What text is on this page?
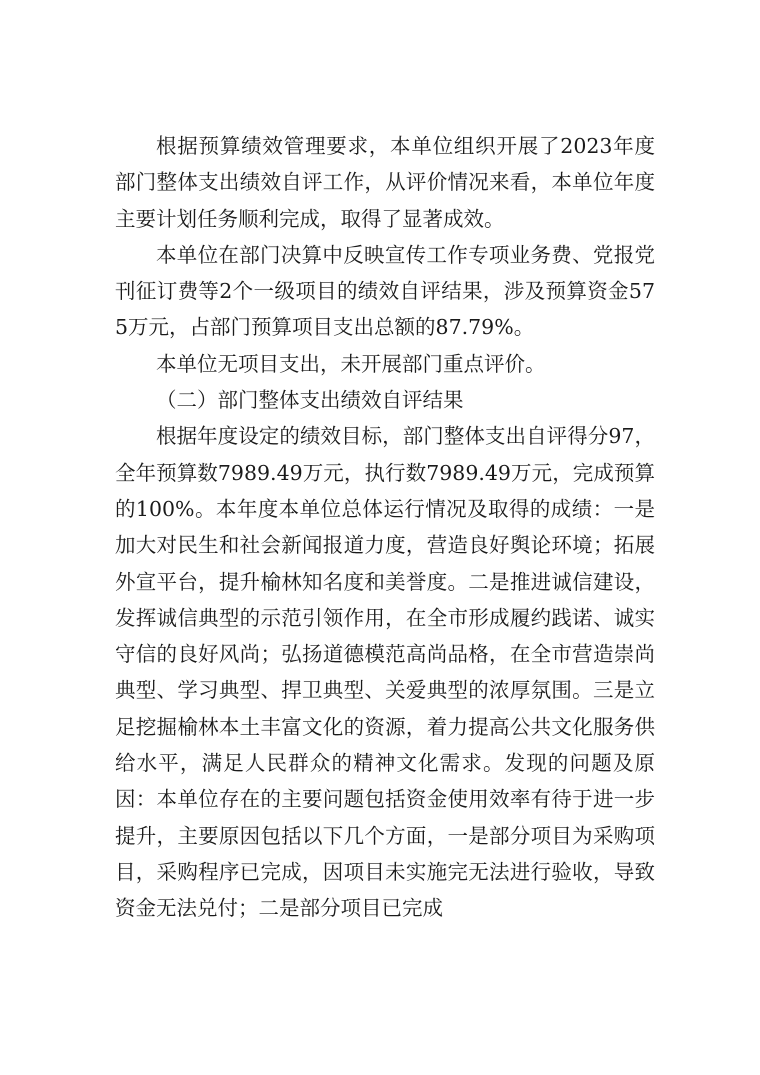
根据预算绩效管理要求，本单位组织开展了2023年度部门整体支出绩效自评工作，从评价情况来看，本单位年度主要计划任务顺利完成，取得了显著成效。

本单位在部门决算中反映宣传工作专项业务费、党报党刊征订费等2个一级项目的绩效自评结果，涉及预算资金575万元，占部门预算项目支出总额的87.79%。

本单位无项目支出，未开展部门重点评价。

（二）部门整体支出绩效自评结果

根据年度设定的绩效目标，部门整体支出自评得分97，全年预算数7989.49万元，执行数7989.49万元，完成预算的100%。本年度本单位总体运行情况及取得的成绩：一是加大对民生和社会新闻报道力度，营造良好舆论环境；拓展外宣平台，提升榆林知名度和美誉度。二是推进诚信建设，发挥诚信典型的示范引领作用，在全市形成履约践诺、诚实守信的良好风尚；弘扬道德模范高尚品格，在全市营造崇尚典型、学习典型、捍卫典型、关爱典型的浓厚氛围。三是立足挖掘榆林本土丰富文化的资源，着力提高公共文化服务供给水平，满足人民群众的精神文化需求。发现的问题及原因：本单位存在的主要问题包括资金使用效率有待于进一步提升，主要原因包括以下几个方面，一是部分项目为采购项目，采购程序已完成，因项目未实施完无法进行验收，导致资金无法兑付；二是部分项目已完成
